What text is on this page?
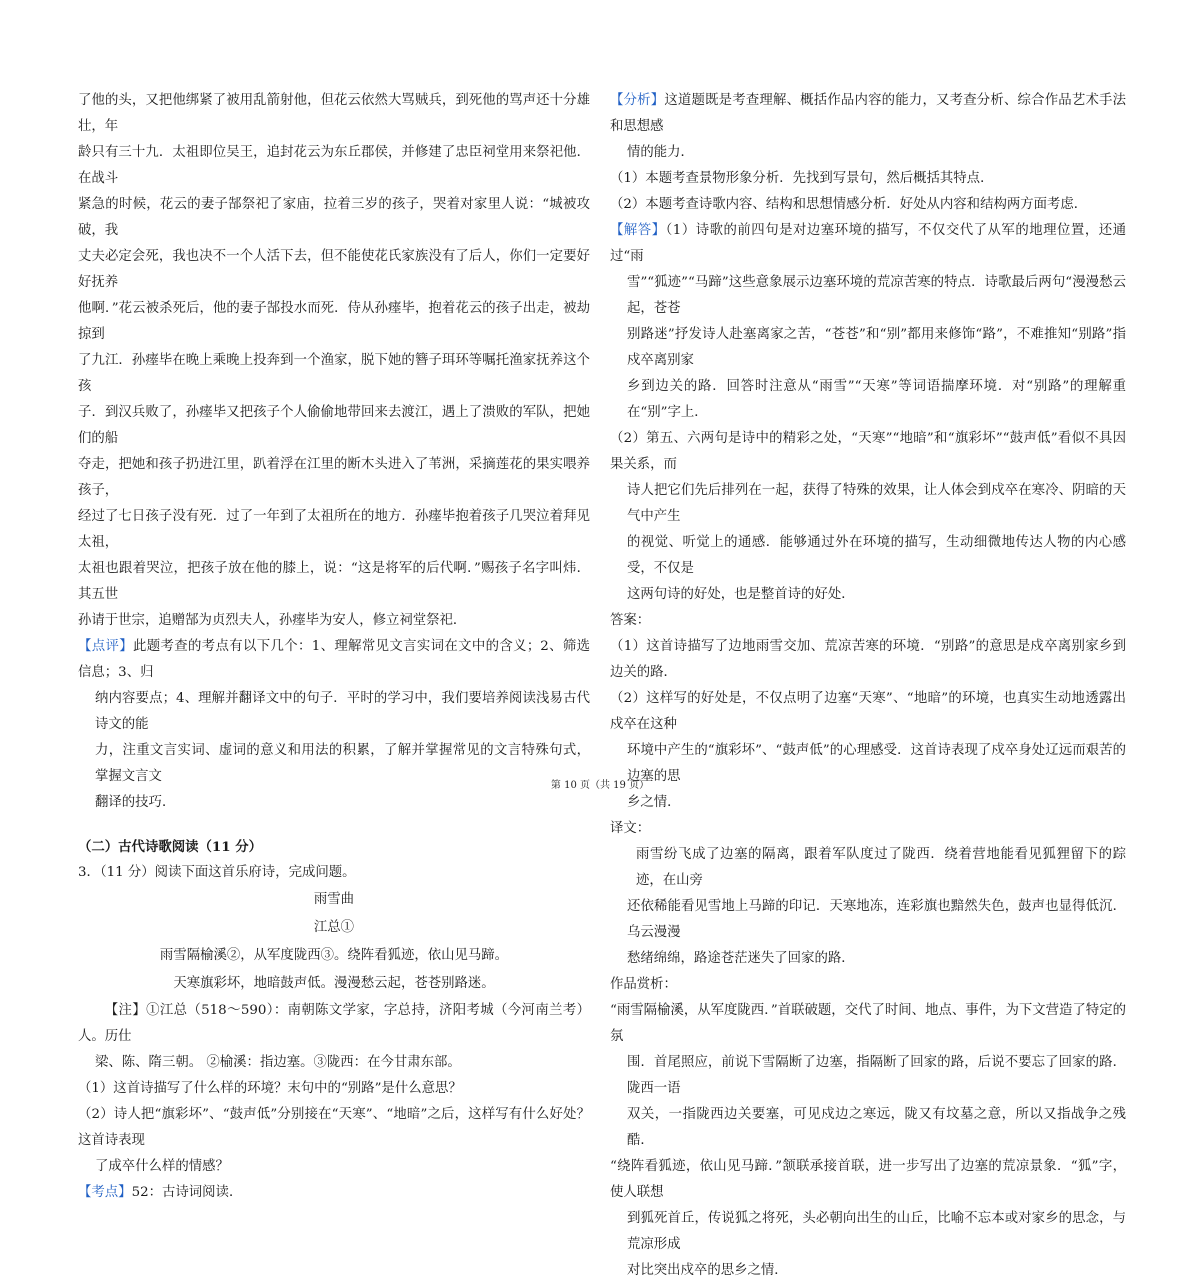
了他的头，又把他绑紧了被用乱箭射他，但花云依然大骂贼兵，到死他的骂声还十分雄壮，年
龄只有三十九．太祖即位吴王，追封花云为东丘郡侯，并修建了忠臣祠堂用来祭祀他．在战斗
紧急的时候，花云的妻子郜祭祀了家庙，拉着三岁的孩子，哭着对家里人说：“城被攻破，我
丈夫必定会死，我也决不一个人活下去，但不能使花氏家族没有了后人，你们一定要好好抚养
他啊．”花云被杀死后，他的妻子郜投水而死．侍从孙瘗毕，抱着花云的孩子出走，被劫掠到
了九江．孙瘗毕在晚上乘晚上投奔到一个渔家，脱下她的簪子珥环等嘱托渔家抚养这个孩
子．到汉兵败了，孙瘗毕又把孩子个人偷偷地带回来去渡江，遇上了溃败的军队，把她们的船
夺走，把她和孩子扔进江里，趴着浮在江里的断木头进入了苇洲，采摘莲花的果实喂养孩子，
经过了七日孩子没有死．过了一年到了太祖所在的地方．孙瘗毕抱着孩子几哭泣着拜见太祖，
太祖也跟着哭泣，把孩子放在他的膝上，说：“这是将军的后代啊．”赐孩子名字叫炜．其五世
孙请于世宗，追赠郜为贞烈夫人，孙瘗毕为安人，修立祠堂祭祀．
【点评】此题考查的考点有以下几个：1、理解常见文言实词在文中的含义；2、筛选信息；3、归
纳内容要点；4、理解并翻译文中的句子．平时的学习中，我们要培养阅读浅易古代诗文的能
力，注重文言实词、虚词的意义和用法的积累，了解并掌握常见的文言特殊句式，掌握文言文
翻译的技巧．
（二）古代诗歌阅读（11 分）
3．（11 分）阅读下面这首乐府诗，完成问题。
雨雪曲
江总①
雨雪隔榆溪②，从军度陇西③。绕阵看狐迹，依山见马蹄。
天寒旗彩坏，地暗鼓声低。漫漫愁云起，苍苍别路迷。
【注】①江总（518～590）：南朝陈文学家，字总持，济阳考城（今河南兰考）人。历仕
梁、陈、隋三朝。 ②榆溪：指边塞。③陇西：在今甘肃东部。
（1）这首诗描写了什么样的环境？末句中的“别路”是什么意思？
（2）诗人把“旗彩坏”、“鼓声低”分别接在“天寒”、“地暗”之后，这样写有什么好处？这首诗表现
了成卒什么样的情感？
【考点】52：古诗词阅读．
【分析】这道题既是考查理解、概括作品内容的能力，又考查分析、综合作品艺术手法和思想感
情的能力．
（1）本题考查景物形象分析．先找到写景句，然后概括其特点．
（2）本题考查诗歌内容、结构和思想情感分析．好处从内容和结构两方面考虑．
【解答】（1）诗歌的前四句是对边塞环境的描写，不仅交代了从军的地理位置，还通过“雨
雪”“狐迹”“马蹄”这些意象展示边塞环境的荒凉苦寒的特点．诗歌最后两句“漫漫愁云起，苍苍
别路迷”抒发诗人赴塞离家之苦，“苍苍”和“别”都用来修饰“路”，不难推知“别路”指戍卒离别家
乡到边关的路．回答时注意从“雨雪”“天寒”等词语揣摩环境．对“别路”的理解重在“别”字上．
（2）第五、六两句是诗中的精彩之处，“天寒”“地暗”和“旗彩坏”“鼓声低”看似不具因果关系，而
诗人把它们先后排列在一起，获得了特殊的效果，让人体会到戍卒在寒冷、阴暗的天气中产生
的视觉、听觉上的通感．能够通过外在环境的描写，生动细微地传达人物的内心感受，不仅是
这两句诗的好处，也是整首诗的好处．
答案：
（1）这首诗描写了边地雨雪交加、荒凉苦寒的环境．“别路”的意思是戍卒离别家乡到边关的路．
（2）这样写的好处是，不仅点明了边塞“天寒”、“地暗”的环境，也真实生动地透露出戍卒在这种
环境中产生的“旗彩坏”、“鼓声低”的心理感受．这首诗表现了戍卒身处辽远而艰苦的边塞的思
乡之情．
译文：
雨雪纷飞成了边塞的隔离，跟着军队度过了陇西．绕着营地能看见狐狸留下的踪迹，在山旁
还依稀能看见雪地上马蹄的印记．天寒地冻，连彩旗也黯然失色，鼓声也显得低沉．乌云漫漫
愁绪绵绵，路途苍茫迷失了回家的路．
作品赏析：
“雨雪隔榆溪，从军度陇西．”首联破题，交代了时间、地点、事件，为下文营造了特定的氛
围．首尾照应，前说下雪隔断了边塞，指隔断了回家的路，后说不要忘了回家的路．陇西一语
双关，一指陇西边关要塞，可见戍边之寒远，陇又有坟墓之意，所以又指战争之残酷．
“绕阵看狐迹，依山见马蹄．”颔联承接首联，进一步写出了边塞的荒凉景象．“狐”字，使人联想
到狐死首丘，传说狐之将死，头必朝向出生的山丘，比喻不忘本或对家乡的思念，与荒凉形成
对比突出戍卒的思乡之情．
第 10 页（共 19 页）
